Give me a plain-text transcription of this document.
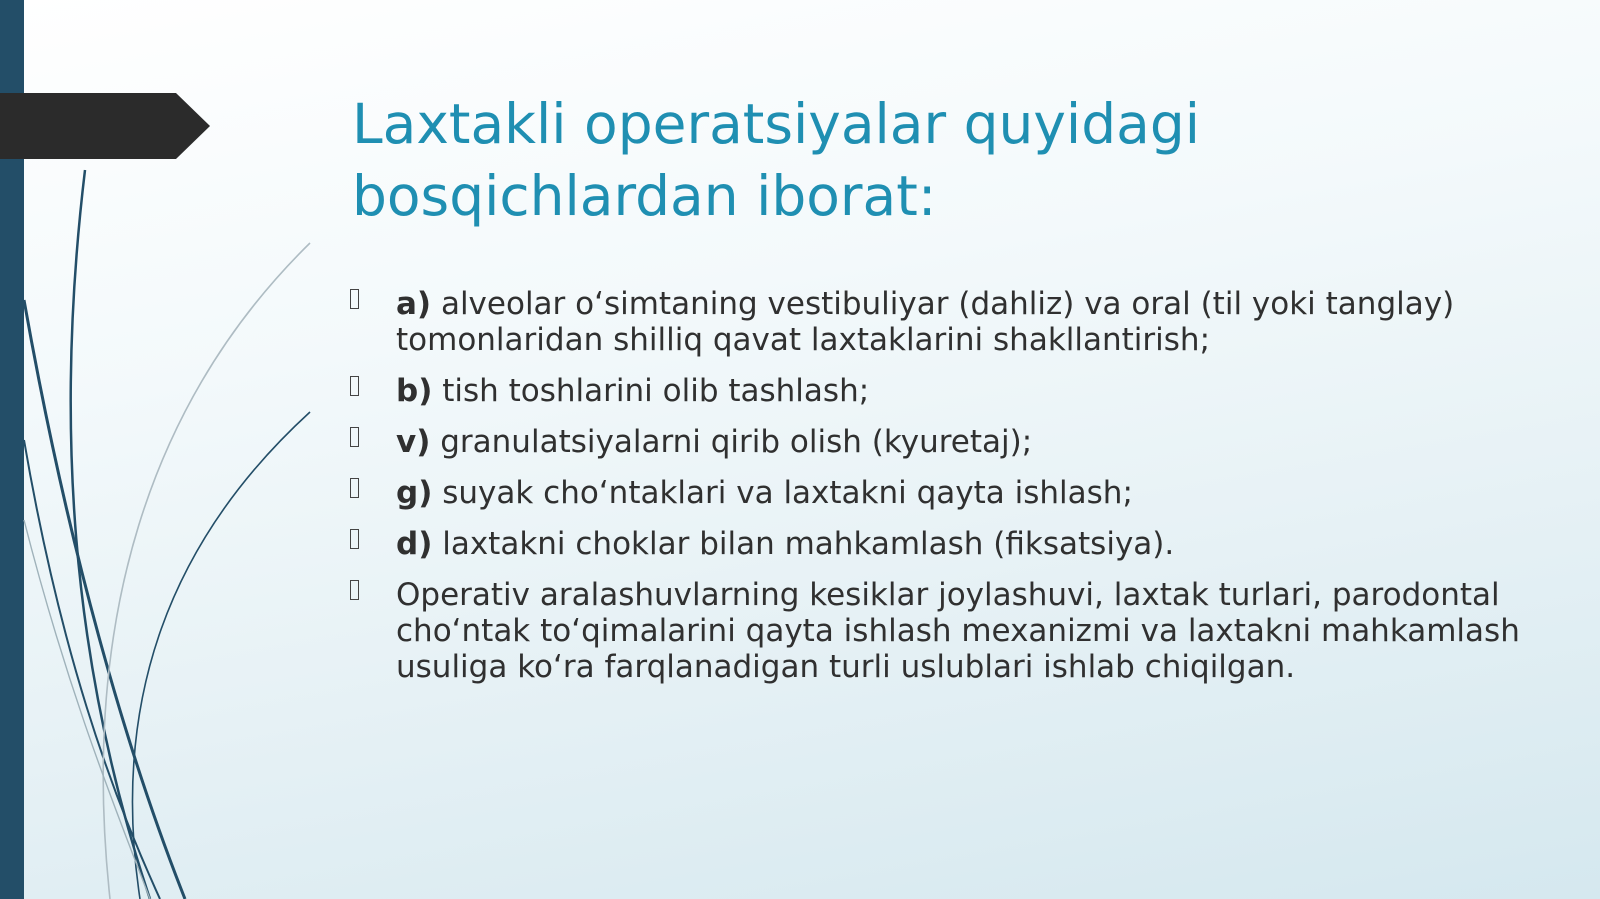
Laxtakli operatsiyalar quyidagi bosqichlardan iborat:
a) alveolar o‘simtaning vestibuliyar (dahliz) va oral (til yoki tanglay) tomonlaridan shilliq qavat laxtaklarini shakllantirish;
b) tish toshlarini olib tashlash;
v) granulatsiyalarni qirib olish (kyuretaj);
g) suyak cho‘ntaklari va laxtakni qayta ishlash;
d) laxtakni choklar bilan mahkamlash (fiksatsiya).
Operativ aralashuvlarning kesiklar joylashuvi, laxtak turlari, parodontal cho‘ntak to‘qimalarini qayta ishlash mexanizmi va laxtakni mahkamlash usuliga ko‘ra farqlanadigan turli uslublari ishlab chiqilgan.
